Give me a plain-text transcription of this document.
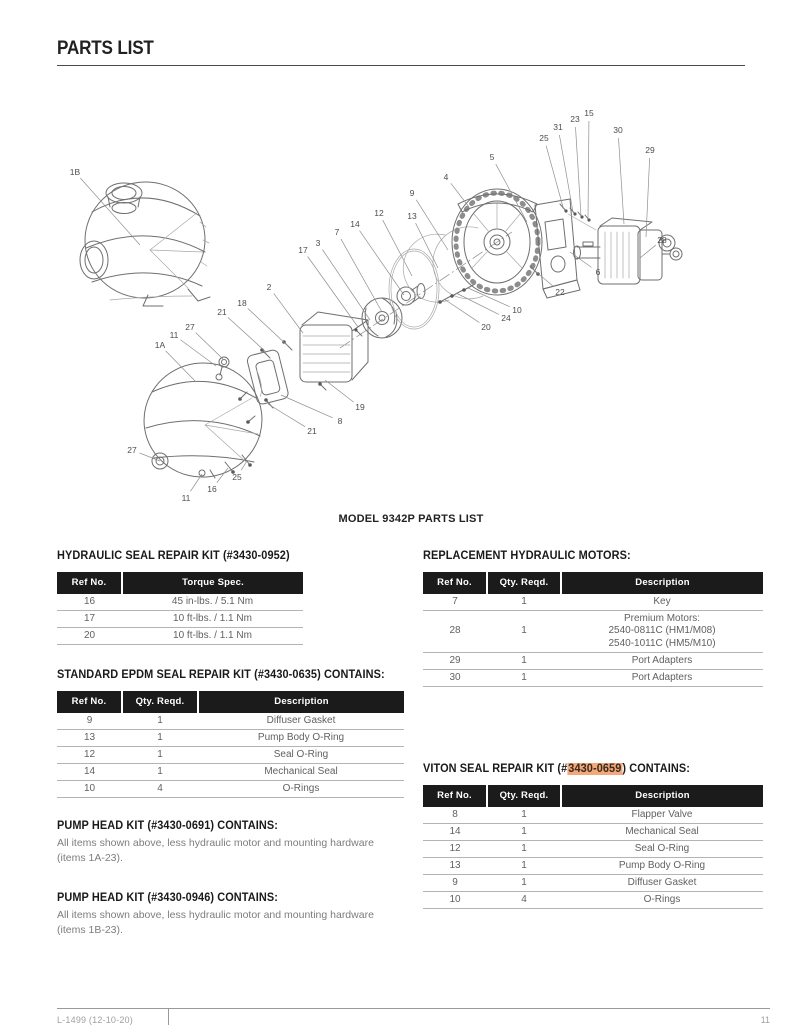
PARTS LIST
1B
18
2
21
17
3
7
14
12	13
9
4
5
25
31
23
15
30
29
28
6
22
10
24
20
19
8
21
1A
11
27
27
11
16
25
MODEL 9342P PARTS LIST
HYDRAULIC SEAL REPAIR KIT (#3430-0952)
Ref No.	Torque Spec.

16	45 in-lbs. / 5.1 Nm

17	10 ft-lbs. / 1.1 Nm

20	10 ft-lbs. / 1.1 Nm
STANDARD EPDM SEAL REPAIR KIT (#3430-0635) CONTAINS:
Ref No.	Qty. Reqd.	Description

9	1	Diffuser Gasket

13	1	Pump Body O-Ring

12	1	Seal O-Ring

14	1	Mechanical Seal

10	4	O-Rings
PUMP HEAD KIT (#3430-0691) CONTAINS:

All items shown above, less hydraulic motor and mounting hardware (items 1A-23).

PUMP HEAD KIT (#3430-0946) CONTAINS:

All items shown above, less hydraulic motor and mounting hardware (items 1B-23).

REPLACEMENT HYDRAULIC MOTORS:
Ref No.	Qty. Reqd.	Description

7	1	Key

28	1	Premium Motors:
2540-0811C (HM1/M08)
2540-1011C (HM5/M10)

29	1	Port Adapters

30	1	Port Adapters
VITON SEAL REPAIR KIT (#3430-0659) CONTAINS:
Ref No.	Qty. Reqd.	Description

8	1	Flapper Valve

14	1	Mechanical Seal

12	1	Seal O-Ring

13	1	Pump Body O-Ring

9	1	Diffuser Gasket

10	4	O-Rings
L-1499 (12-10-20)	11
